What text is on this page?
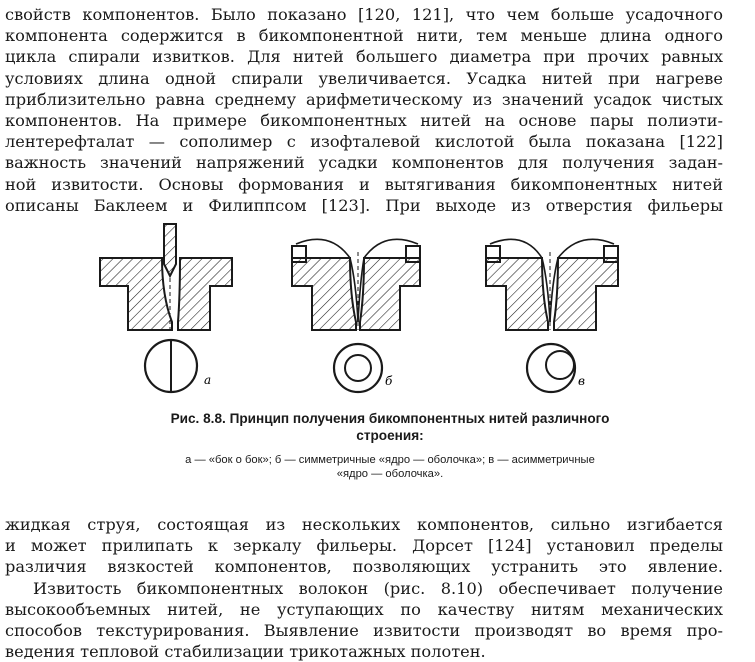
свойств компонентов. Было показано [120, 121], что чем больше усадочного
компонента содержится в бикомпонентной нити, тем меньше длина одного
цикла спирали извитков. Для нитей большего диаметра при прочих равных
условиях длина одной спирали увеличивается. Усадка нитей при нагреве
приблизительно равна среднему арифметическому из значений усадок чистых
компонентов. На примере бикомпонентных нитей на основе пары полиэти-
лентерефталат — сополимер с изофталевой кислотой была показана [122]
важность значений напряжений усадки компонентов для получения задан-
ной извитости. Основы формования и вытягивания бикомпонентных нитей
описаны Баклеем и Филиппсом [123]. При выходе из отверстия фильеры
а	б	в
Рис. 8.8. Принцип получения бикомпонентных нитей различного
строения:
а — «бок о бок»; б — симметричные «ядро — оболочка»; в — асимметричные
«ядро — оболочка».
жидкая струя, состоящая из нескольких компонентов, сильно изгибается
и может прилипать к зеркалу фильеры. Дорсет [124] установил пределы
различия вязкостей компонентов, позволяющих устранить это явление.
Извитость бикомпонентных волокон (рис. 8.10) обеспечивает получение
высокообъемных нитей, не уступающих по качеству нитям механических
способов текстурирования. Выявление извитости производят во время про-
ведения тепловой стабилизации трикотажных полотен.
